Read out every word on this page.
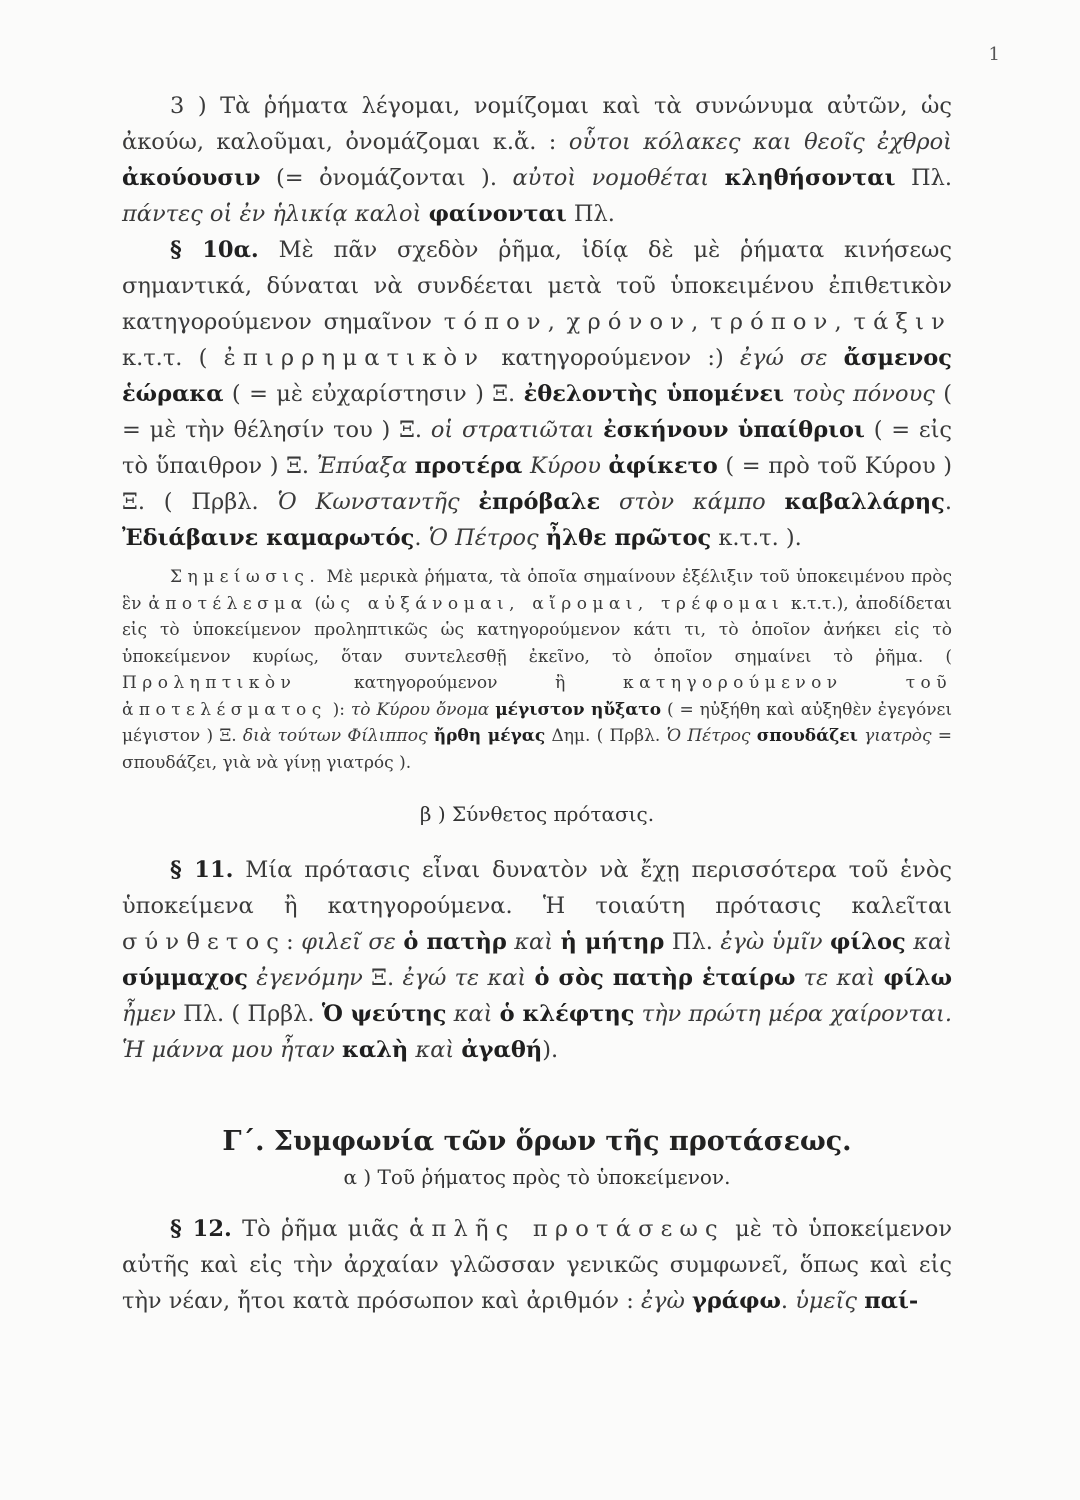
1

3 ) Τὰ ῥήματα λέγομαι, νομίζομαι καὶ τὰ συνώνυμα αὐτῶν, ὡς ἀκούω, καλοῦμαι, ὀνομάζομαι κ.ἄ. : οὗτοι κόλακες και θεοῖς ἐχθροὶ ἀκούουσιν (= ὀνομάζονται ). αὐτοὶ νομοθέται κληθήσονται Πλ. πάντες οἱ ἐν ἡλικίᾳ καλοὶ φαίνονται Πλ.

§ 10α. Μὲ πᾶν σχεδὸν ῥῆμα, ἰδίᾳ δὲ μὲ ῥήματα κινήσεως σημαντικά, δύναται νὰ συνδέεται μετὰ τοῦ ὑποκειμένου ἐπιθετικὸν κατηγορούμενον σημαῖνον τόπον, χρόνον, τρόπον, τάξιν κ.τ.τ. ( ἐπιρρηματικὸν κατηγορούμενον :) ἐγώ σε ἄσμενος ἑώρακα ( = μὲ εὐχαρίστησιν ) Ξ. ἐθελοντὴς ὑπομένει τοὺς πόνους ( = μὲ τὴν θέλησίν του ) Ξ. οἱ στρατιῶται ἐσκήνουν ὑπαίθριοι ( = εἰς τὸ ὕπαιθρον ) Ξ. Ἐπύαξα προτέρα Κύρου ἀφίκετο ( = πρὸ τοῦ Κύρου ) Ξ. ( Πρβλ. Ὁ Κωνσταντῆς ἐπρόβαλε στὸν κάμπο καβαλλάρης. Ἐδιάβαινε καμαρωτός. Ὁ Πέτρος ἦλθε πρῶτος κ.τ.τ. ).

Σημείωσις. Μὲ μερικὰ ῥήματα, τὰ ὁποῖα σημαίνουν ἐξέλιξιν τοῦ ὑποκειμένου πρὸς ἓν ἀποτέλεσμα (ὡς αὐξάνομαι, αἴρομαι, τρέφομαι κ.τ.τ.), ἀποδίδεται εἰς τὸ ὑποκείμενον προληπτικῶς ὡς κατηγορούμενον κάτι τι, τὸ ὁποῖον ἀνήκει εἰς τὸ ὑποκείμενον κυρίως, ὅταν συντελεσθῇ ἐκεῖνο, τὸ ὁποῖον σημαίνει τὸ ῥῆμα. ( Προληπτικὸν κατηγορούμενον ἢ κατηγορούμενον τοῦ ἀποτελέσματος ): τὸ Κύρου ὄνομα μέγιστον ηὔξατο ( = ηὐξήθη καὶ αὐξηθὲν ἐγεγόνει μέγιστον ) Ξ. διὰ τούτων Φίλιππος ἤρθη μέγας Δημ. ( Πρβλ. Ὁ Πέτρος σπουδάζει γιατρὸς = σπουδάζει, γιὰ νὰ γίνῃ γιατρός ).

β ) Σύνθετος πρότασις.

§ 11. Μία πρότασις εἶναι δυνατὸν νὰ ἔχῃ περισσότερα τοῦ ἑνὸς ὑποκείμενα ἢ κατηγορούμενα. Ἡ τοιαύτη πρότασις καλεῖται σύνθετος: φιλεῖ σε ὁ πατὴρ καὶ ἡ μήτηρ Πλ. ἐγὼ ὑμῖν φίλος καὶ σύμμαχος ἐγενόμην Ξ. ἐγώ τε καὶ ὁ σὸς πατὴρ ἑταίρω τε καὶ φίλω ἦμεν Πλ. ( Πρβλ. Ὁ ψεύτης καὶ ὁ κλέφτης τὴν πρώτη μέρα χαίρονται. Ἡ μάννα μου ἦταν καλὴ καὶ ἀγαθή).

Γ΄. Συμφωνία τῶν ὅρων τῆς προτάσεως.
α ) Τοῦ ῥήματος πρὸς τὸ ὑποκείμενον.

§ 12. Τὸ ῥῆμα μιᾶς ἁπλῆς προτάσεως μὲ τὸ ὑποκείμενον αὐτῆς καὶ εἰς τὴν ἀρχαίαν γλῶσσαν γενικῶς συμφωνεῖ, ὅπως καὶ εἰς τὴν νέαν, ἤτοι κατὰ πρόσωπον καὶ ἀριθμόν : ἐγὼ γράφω. ὑμεῖς παί-
